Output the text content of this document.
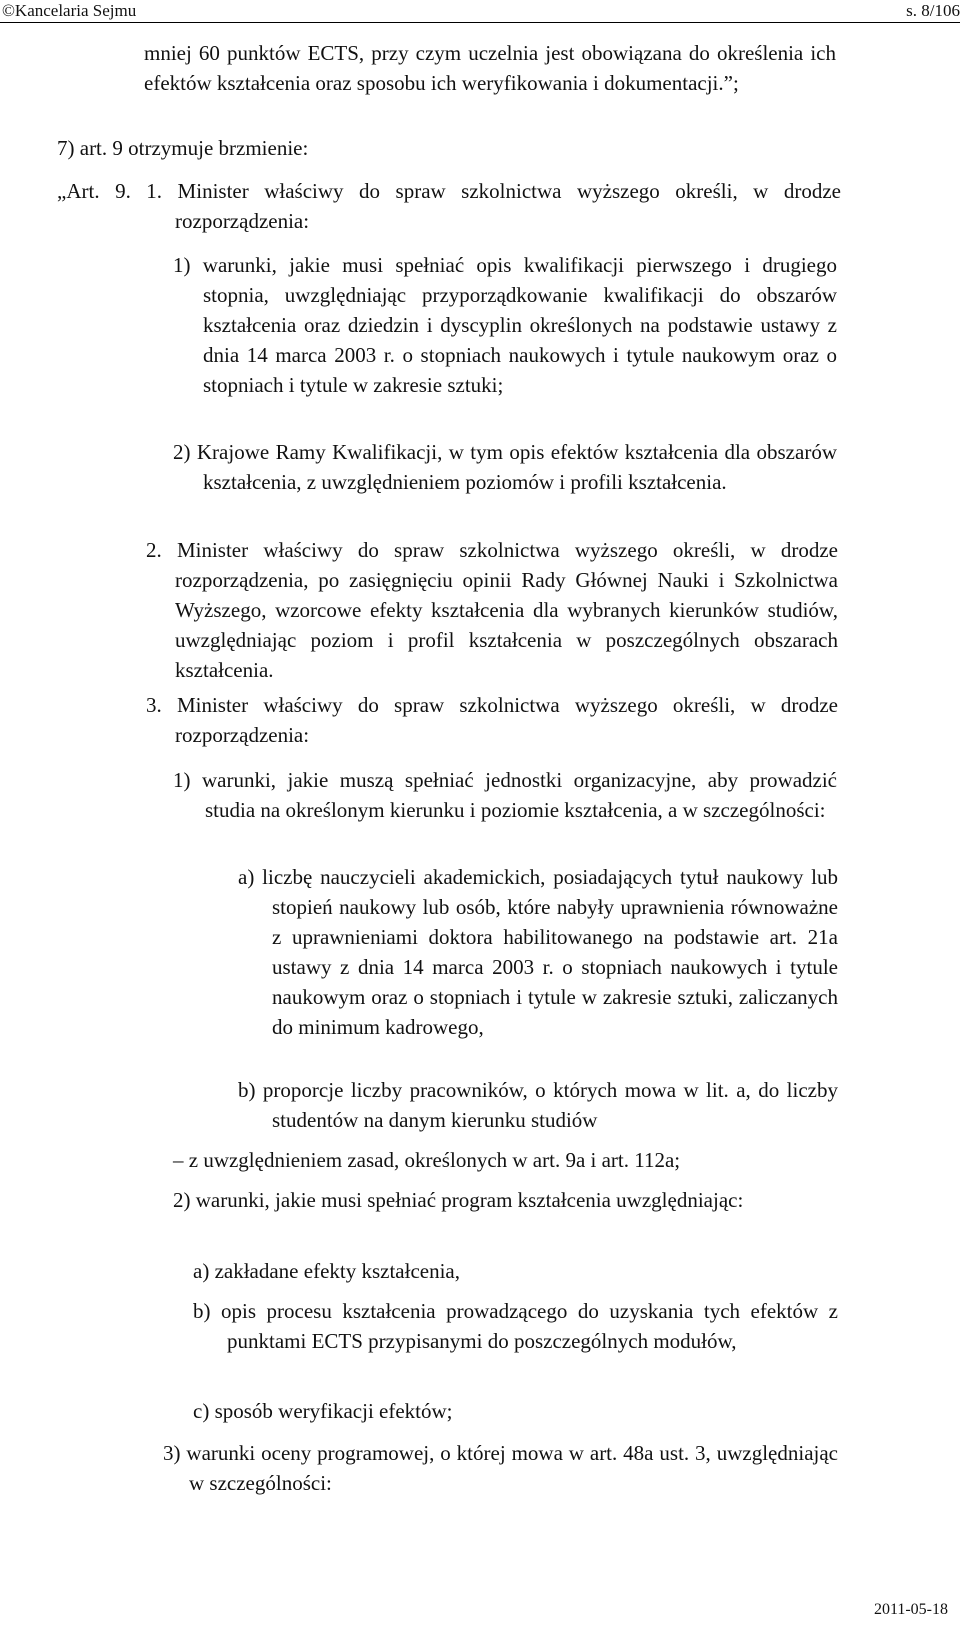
©Kancelaria Sejmu	s. 8/106
mniej 60 punktów ECTS, przy czym uczelnia jest obowiązana do określenia ich efektów kształcenia oraz sposobu ich weryfikowania i dokumentacji.”;
7) art. 9 otrzymuje brzmienie:
„Art. 9. 1. Minister właściwy do spraw szkolnictwa wyższego określi, w drodze rozporządzenia:
1) warunki, jakie musi spełniać opis kwalifikacji pierwszego i drugiego stopnia, uwzględniając przyporządkowanie kwalifikacji do obszarów kształcenia oraz dziedzin i dyscyplin określonych na podstawie ustawy z dnia 14 marca 2003 r. o stopniach naukowych i tytule naukowym oraz o stopniach i tytule w zakresie sztuki;
2) Krajowe Ramy Kwalifikacji, w tym opis efektów kształcenia dla obszarów kształcenia, z uwzględnieniem poziomów i profili kształcenia.
2. Minister właściwy do spraw szkolnictwa wyższego określi, w drodze rozporządzenia, po zasięgnięciu opinii Rady Głównej Nauki i Szkolnictwa Wyższego, wzorcowe efekty kształcenia dla wybranych kierunków studiów, uwzględniając poziom i profil kształcenia w poszczególnych obszarach kształcenia.
3. Minister właściwy do spraw szkolnictwa wyższego określi, w drodze rozporządzenia:
1) warunki, jakie muszą spełniać jednostki organizacyjne, aby prowadzić studia na określonym kierunku i poziomie kształcenia, a w szczególności:
a) liczbę nauczycieli akademickich, posiadających tytuł naukowy lub stopień naukowy lub osób, które nabyły uprawnienia równoważne z uprawnieniami doktora habilitowanego na podstawie art. 21a ustawy z dnia 14 marca 2003 r. o stopniach naukowych i tytule naukowym oraz o stopniach i tytule w zakresie sztuki, zaliczanych do minimum kadrowego,
b) proporcje liczby pracowników, o których mowa w lit. a, do liczby studentów na danym kierunku studiów
– z uwzględnieniem zasad, określonych w art. 9a i art. 112a;
2) warunki, jakie musi spełniać program kształcenia uwzględniając:
a) zakładane efekty kształcenia,
b) opis procesu kształcenia prowadzącego do uzyskania tych efektów z punktami ECTS przypisanymi do poszczególnych modułów,
c) sposób weryfikacji efektów;
3) warunki oceny programowej, o której mowa w art. 48a ust. 3, uwzględniając w szczególności:
2011-05-18
